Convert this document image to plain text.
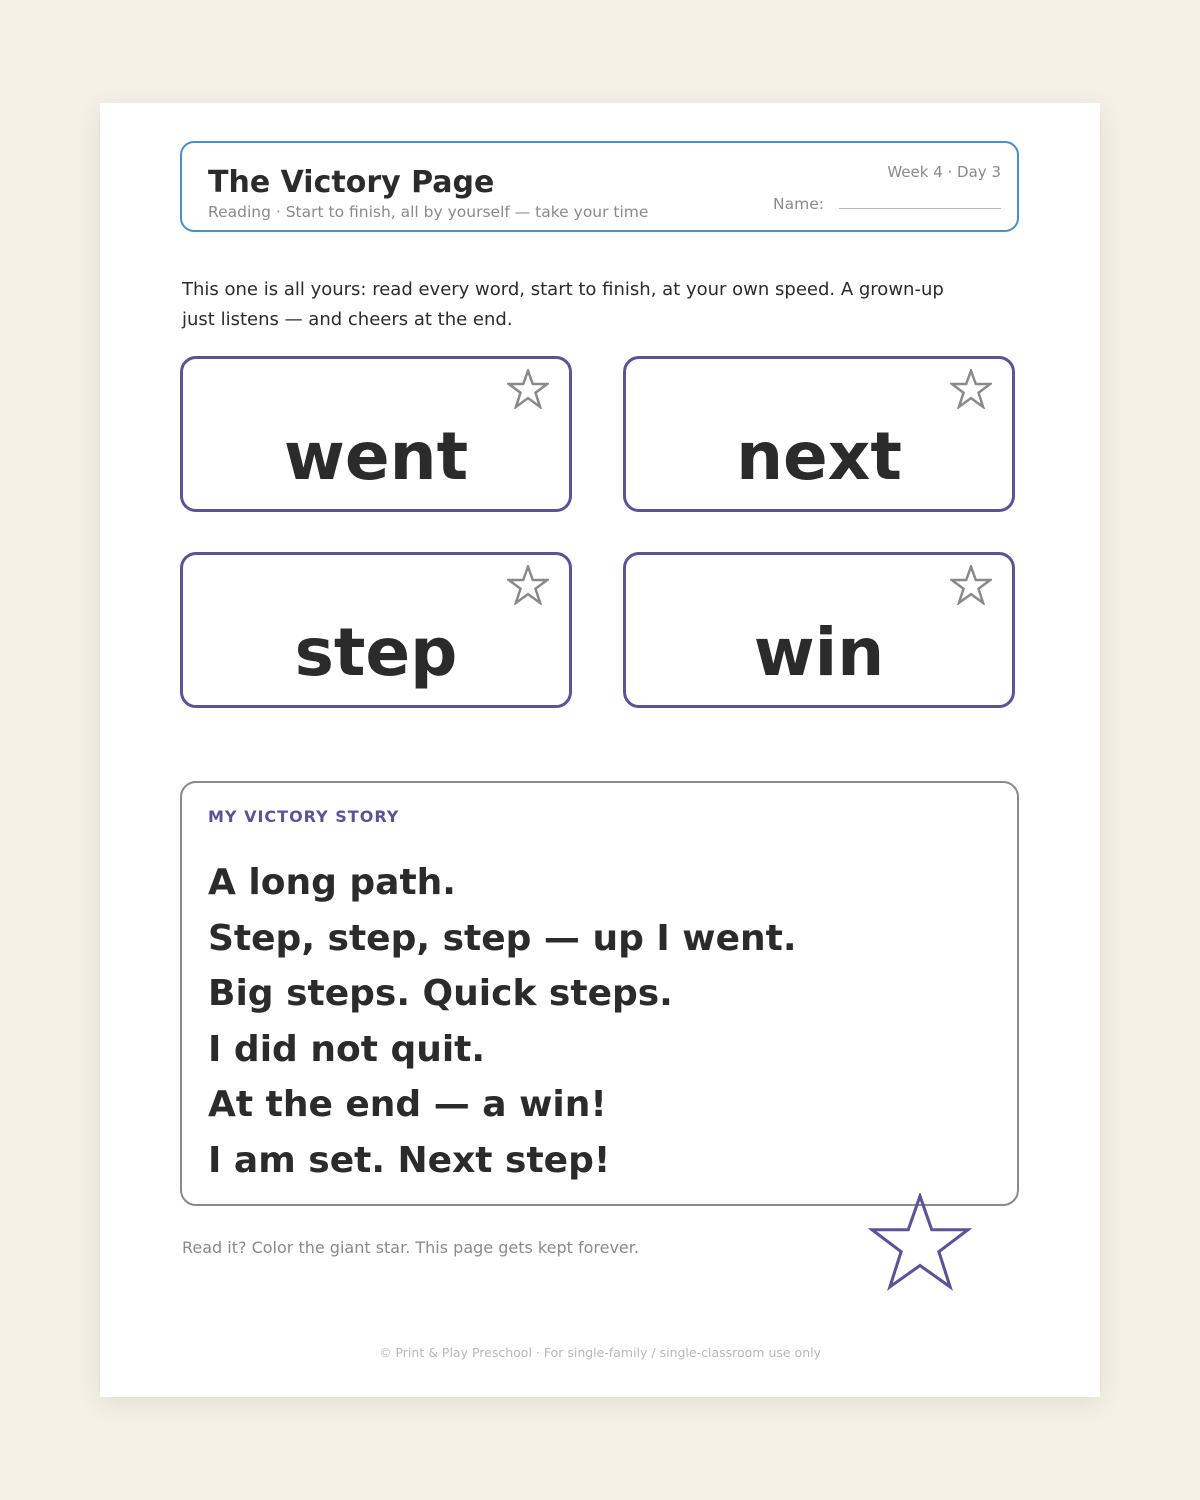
The Victory Page
Reading · Start to finish, all by yourself — take your time
Week 4 · Day 3
Name:
This one is all yours: read every word, start to finish, at your own speed. A grown-up just listens — and cheers at the end.
went	next
step	win
MY VICTORY STORY
A long path.
Step, step, step — up I went.
Big steps. Quick steps.
I did not quit.
At the end — a win!
I am set. Next step!
Read it? Color the giant star. This page gets kept forever.
© Print & Play Preschool · For single-family / single-classroom use only
